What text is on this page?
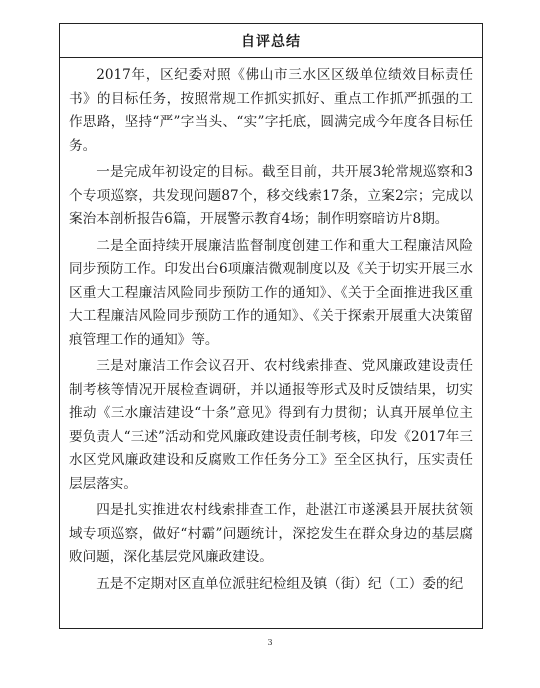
自评总结

2017年，区纪委对照《佛山市三水区区级单位绩效目标责任书》的目标任务，按照常规工作抓实抓好、重点工作抓严抓强的工作思路，坚持“严”字当头、“实”字托底，圆满完成今年度各目标任务。

一是完成年初设定的目标。截至目前，共开展3轮常规巡察和3个专项巡察，共发现问题87个，移交线索17条，立案2宗；完成以案治本剖析报告6篇，开展警示教育4场；制作明察暗访片8期。

二是全面持续开展廉洁监督制度创建工作和重大工程廉洁风险同步预防工作。印发出台6项廉洁微观制度以及《关于切实开展三水区重大工程廉洁风险同步预防工作的通知》、《关于全面推进我区重大工程廉洁风险同步预防工作的通知》、《关于探索开展重大决策留痕管理工作的通知》等。

三是对廉洁工作会议召开、农村线索排查、党风廉政建设责任制考核等情况开展检查调研，并以通报等形式及时反馈结果，切实推动《三水廉洁建设“十条”意见》得到有力贯彻；认真开展单位主要负责人“三述”活动和党风廉政建设责任制考核，印发《2017年三水区党风廉政建设和反腐败工作任务分工》至全区执行，压实责任层层落实。

四是扎实推进农村线索排查工作，赴湛江市遂溪县开展扶贫领域专项巡察，做好“村霸”问题统计，深挖发生在群众身边的基层腐败问题，深化基层党风廉政建设。

五是不定期对区直单位派驻纪检组及镇（街）纪（工）委的纪

3
